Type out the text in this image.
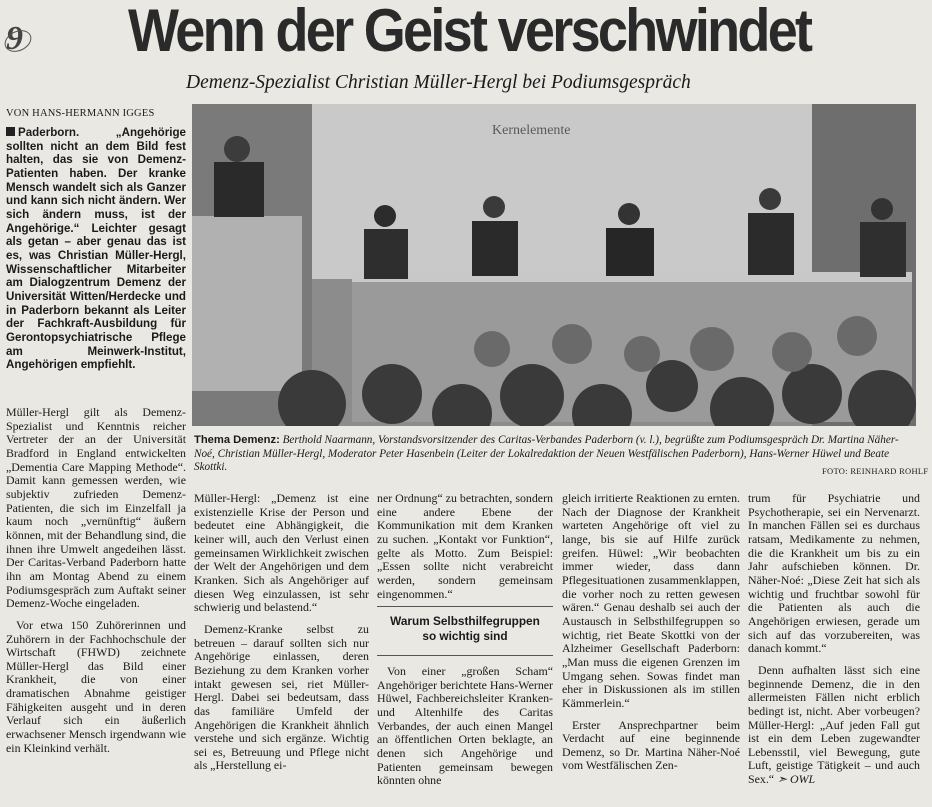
9 Wenn der Geist verschwindet
Demenz-Spezialist Christian Müller-Hergl bei Podiumsgespräch
VON HANS-HERMANN IGGES
Paderborn. „Angehörige sollten nicht an dem Bild fest halten, das sie von Demenz-Patienten haben. Der kranke Mensch wandelt sich als Ganzer und kann sich nicht ändern. Wer sich ändern muss, ist der Angehörige.“ Leichter gesagt als getan – aber genau das ist es, was Christian Müller-Hergl, Wissenschaftlicher Mitarbeiter am Dialogzentrum Demenz der Universität Witten/Herdecke und in Paderborn bekannt als Leiter der Fachkraft-Ausbildung für Gerontopsychiatrische Pflege am Meinwerk-Institut, Angehörigen empfiehlt.

Müller-Hergl gilt als Demenz-Spezialist und Kenntnis reicher Vertreter der an der Universität Bradford in England entwickelten „Dementia Care Mapping Methode“. Damit kann gemessen werden, wie subjektiv zufrieden Demenz-Patienten, die sich im Einzelfall ja kaum noch „vernünftig“ äußern können, mit der Behandlung sind, die ihnen ihre Umwelt angedeihen lässt. Der Caritas-Verband Paderborn hatte ihn am Montag Abend zu einem Podiumsgespräch zum Auftakt seiner Demenz-Woche eingeladen.

Vor etwa 150 Zuhörerinnen und Zuhörern in der Fachhochschule der Wirtschaft (FHWD) zeichnete Müller-Hergl das Bild einer Krankheit, die von einer dramatischen Abnahme geistiger Fähigkeiten ausgeht und in deren Verlauf sich ein äußerlich erwachsener Mensch irgendwann wie ein Kleinkind verhält.

Kernelemente
Thema Demenz: Berthold Naarmann, Vorstandsvorsitzender des Caritas-Verbandes Paderborn (v. l.), begrüßte zum Podiumsgespräch Dr. Martina Näher-Noé, Christian Müller-Hergl, Moderator Peter Hasenbein (Leiter der Lokalredaktion der Neuen Westfälischen Paderborn), Hans-Werner Hüwel und Beate Skottki.	FOTO: REINHARD ROHLF

Müller-Hergl: „Demenz ist eine existenzielle Krise der Person und bedeutet eine Abhängigkeit, die keiner will, auch den Verlust einen gemeinsamen Wirklichkeit zwischen der Welt der Angehörigen und dem Kranken. Sich als Angehöriger auf diesen Weg einzulassen, ist sehr schwierig und belastend.“

Demenz-Kranke selbst zu betreuen – darauf sollten sich nur Angehörige einlassen, deren Beziehung zu dem Kranken vorher intakt gewesen sei, riet Müller-Hergl. Dabei sei bedeutsam, dass das familiäre Umfeld der Angehörigen die Krankheit ähnlich verstehe und sich ergänze. Wichtig sei es, Betreuung und Pflege nicht als „Herstellung ei-

ner Ordnung“ zu betrachten, sondern eine andere Ebene der Kommunikation mit dem Kranken zu suchen. „Kontakt vor Funktion“, gelte als Motto. Zum Beispiel: „Essen sollte nicht verabreicht werden, sondern gemeinsam eingenommen.“

Warum Selbsthilfegruppen
so wichtig sind

Von einer „großen Scham“ Angehöriger berichtete Hans-Werner Hüwel, Fachbereichsleiter Kranken- und Altenhilfe des Caritas Verbandes, der auch einen Mangel an öffentlichen Orten beklagte, an denen sich Angehörige und Patienten gemeinsam bewegen könnten ohne

gleich irritierte Reaktionen zu ernten. Nach der Diagnose der Krankheit warteten Angehörige oft viel zu lange, bis sie auf Hilfe zurück greifen. Hüwel: „Wir beobachten immer wieder, dass dann Pflegesituationen zusammenklappen, die vorher noch zu retten gewesen wären.“ Genau deshalb sei auch der Austausch in Selbsthilfegruppen so wichtig, riet Beate Skottki von der Alzheimer Gesellschaft Paderborn: „Man muss die eigenen Grenzen im Umgang sehen. Sowas findet man eher in Diskussionen als im stillen Kämmerlein.“

Erster Ansprechpartner beim Verdacht auf eine beginnende Demenz, so Dr. Martina Näher-Noé vom Westfälischen Zen-

trum für Psychiatrie und Psychotherapie, sei ein Nervenarzt. In manchen Fällen sei es durchaus ratsam, Medikamente zu nehmen, die die Krankheit um bis zu ein Jahr aufschieben können. Dr. Näher-Noé: „Diese Zeit hat sich als wichtig und fruchtbar sowohl für die Patienten als auch die Angehörigen erwiesen, gerade um sich auf das vorzubereiten, was danach kommt.“

Denn aufhalten lässt sich eine beginnende Demenz, die in den allermeisten Fällen nicht erblich bedingt ist, nicht. Aber vorbeugen? Müller-Hergl: „Auf jeden Fall gut ist ein dem Leben zugewandter Lebensstil, viel Bewegung, gute Luft, geistige Tätigkeit – und auch Sex.“ ➣ OWL
